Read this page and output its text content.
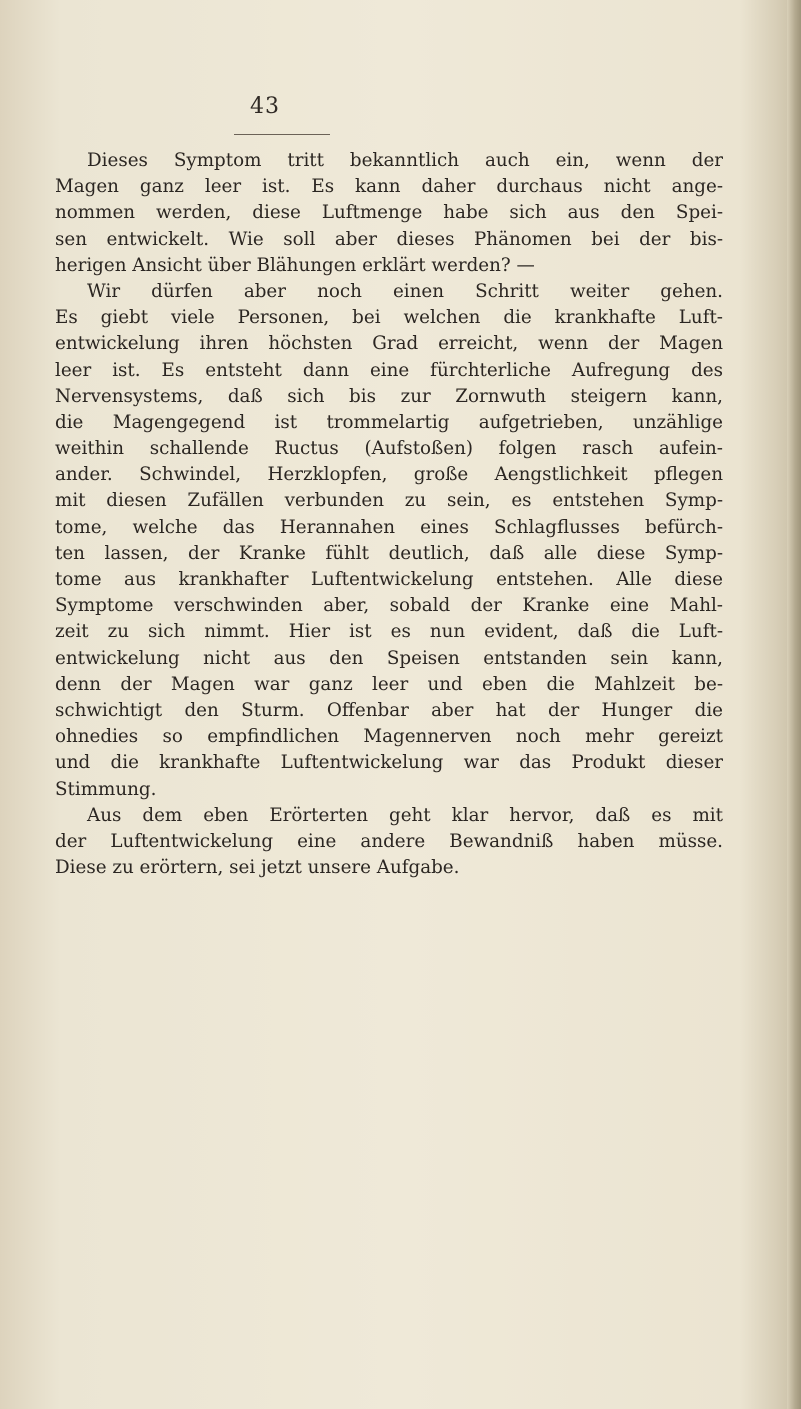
43
Dieses Symptom tritt bekanntlich auch ein, wenn der
Magen ganz leer ist. Es kann daher durchaus nicht ange-
nommen werden, diese Luftmenge habe sich aus den Spei-
sen entwickelt. Wie soll aber dieses Phänomen bei der bis-
herigen Ansicht über Blähungen erklärt werden? —
Wir dürfen aber noch einen Schritt weiter gehen.
Es giebt viele Personen, bei welchen die krankhafte Luft-
entwickelung ihren höchsten Grad erreicht, wenn der Magen
leer ist. Es entsteht dann eine fürchterliche Aufregung des
Nervensystems, daß sich bis zur Zornwuth steigern kann,
die Magengegend ist trommelartig aufgetrieben, unzählige
weithin schallende Ructus (Aufstoßen) folgen rasch aufein-
ander. Schwindel, Herzklopfen, große Aengstlichkeit pflegen
mit diesen Zufällen verbunden zu sein, es entstehen Symp-
tome, welche das Herannahen eines Schlagflusses befürch-
ten lassen, der Kranke fühlt deutlich, daß alle diese Symp-
tome aus krankhafter Luftentwickelung entstehen. Alle diese
Symptome verschwinden aber, sobald der Kranke eine Mahl-
zeit zu sich nimmt. Hier ist es nun evident, daß die Luft-
entwickelung nicht aus den Speisen entstanden sein kann,
denn der Magen war ganz leer und eben die Mahlzeit be-
schwichtigt den Sturm. Offenbar aber hat der Hunger die
ohnedies so empfindlichen Magennerven noch mehr gereizt
und die krankhafte Luftentwickelung war das Produkt dieser
Stimmung.
Aus dem eben Erörterten geht klar hervor, daß es mit
der Luftentwickelung eine andere Bewandniß haben müsse.
Diese zu erörtern, sei jetzt unsere Aufgabe.
